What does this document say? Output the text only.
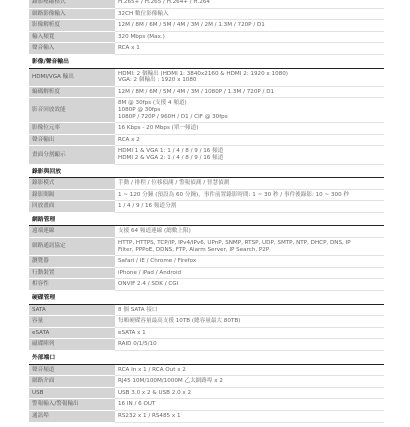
錄影壓縮格式	H.265+ / H.265 / H.264+ / H.264

網路影像輸入	32CH 數位影像輸入

影像解析度	12M / 8M / 6M / 5M / 4M / 3M / 2M / 1.3M / 720P / D1

輸入頻寬	320 Mbps (Max.)

聲音輸入	RCA x 1

影像/聲音輸出	
HDMI/VGA 輸出	HDMI: 2 個輸出 (HDMI 1: 3840x2160 & HDMI 2: 1920 x 1080)
VGA: 2 個輸出 : 1920 x 1080

編碼解析度	12M / 8M / 6M / 5M / 4M / 3M / 1080P / 1.3M / 720P / D1

影音回放效能	8M @ 30fps (支援 4 頻道)
1080P @ 30fps
1080P / 720P / 960H / D1 / CIF @ 30fps

影像位元率	16 Kbps - 20 Mbps (單一頻道)

聲音輸出	RCA x 2

畫面分割顯示	HDMI 1 & VGA 1: 1 / 4 / 8 / 9 / 16 頻道
HDMI 2 & VGA 2: 1 / 4 / 8 / 9 / 16 頻道

錄影與回放	
錄影模式	手動 / 排程 / 位移偵測 / 警報偵測 / 智慧偵測

錄影間隔	1 ~ 120 分鐘 (預設為 60 分鐘)，事件前置錄影時間: 1 ~ 30 秒 / 事件後錄影: 10 ~ 300 秒

回放畫面	1 / 4 / 9 / 16 頻道分割

網路管理	
遠端連線	支援 64 頻道連線 (總數上限)

網路通訊協定	HTTP, HTTPS, TCP/IP, IPv4/IPv6, UPnP, SNMP, RTSP, UDP, SMTP, NTP, DHCP, DNS, IP
Filter, PPPoE, DDNS, FTP, Alarm Server, IP Search, P2P

瀏覽器	Safari / IE / Chrome / Firefox

行動裝置	iPhone / iPad / Android

相容性	ONVIF 2.4 / SDK / CGI

硬碟管理	
SATA	8 個 SATA 接口

容量	每顆硬碟容量最高支援 10TB (總容量最大 80TB)

eSATA	eSATA x 1

磁碟陣列	RAID 0/1/5/10

外部端口	
聲音頻道	RCA In x 1 / RCA Out x 2

網路介面	RJ45 10M/100M/1000M 乙太網路埠 x 2

USB	USB 3.0 x 2 & USB 2.0 x 2

警報輸入/警報輸出	16 IN / 6 OUT

通訊埠	RS232 x 1 / RS485 x 1
